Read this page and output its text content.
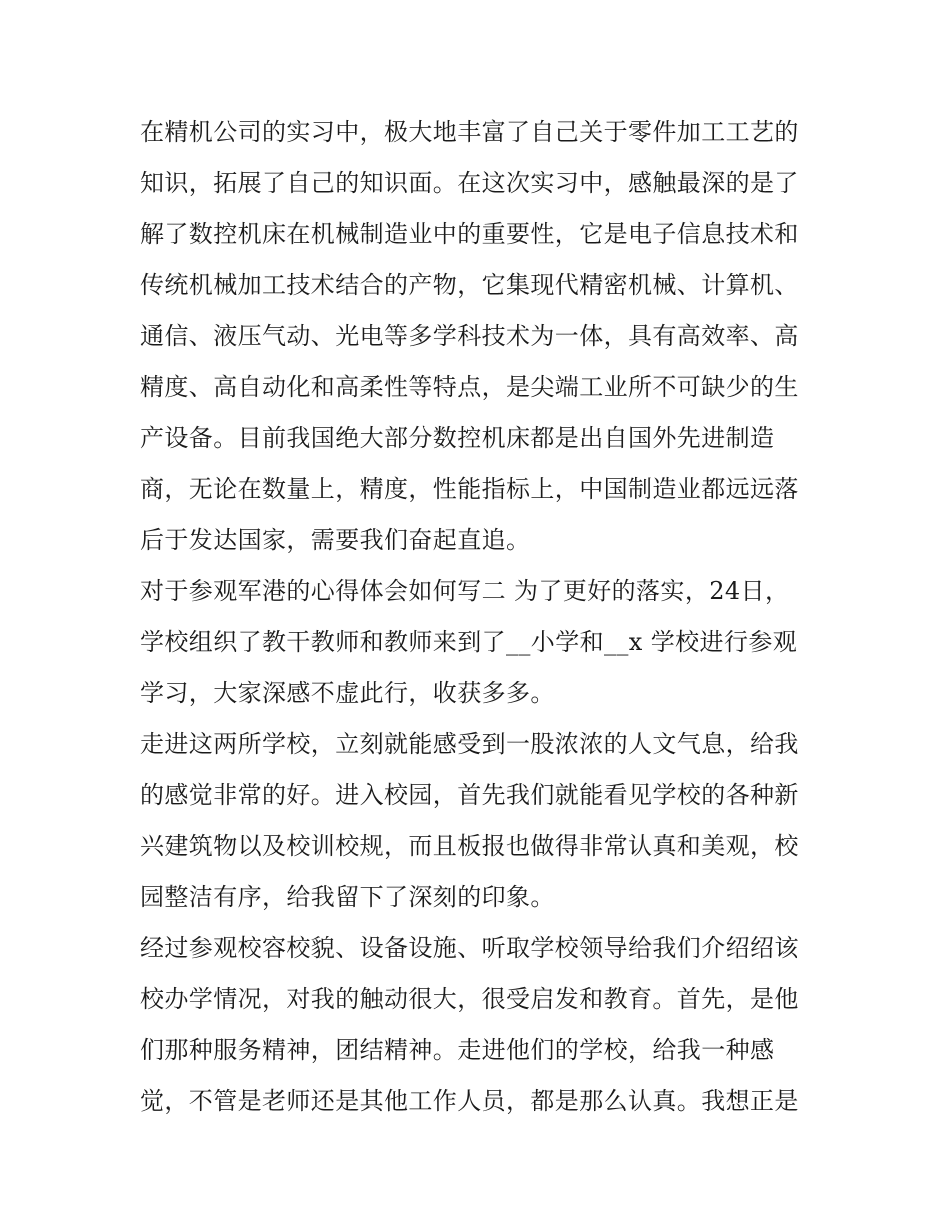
在精机公司的实习中，极大地丰富了自己关于零件加工工艺的
知识，拓展了自己的知识面。在这次实习中，感触最深的是了
解了数控机床在机械制造业中的重要性，它是电子信息技术和
传统机械加工技术结合的产物，它集现代精密机械、计算机、
通信、液压气动、光电等多学科技术为一体，具有高效率、高
精度、高自动化和高柔性等特点，是尖端工业所不可缺少的生
产设备。目前我国绝大部分数控机床都是出自国外先进制造
商，无论在数量上，精度，性能指标上，中国制造业都远远落
后于发达国家，需要我们奋起直追。
对于参观军港的心得体会如何写二 为了更好的落实，24日，
学校组织了教干教师和教师来到了__小学和__x 学校进行参观
学习，大家深感不虚此行，收获多多。
走进这两所学校，立刻就能感受到一股浓浓的人文气息，给我
的感觉非常的好。进入校园，首先我们就能看见学校的各种新
兴建筑物以及校训校规，而且板报也做得非常认真和美观，校
园整洁有序，给我留下了深刻的印象。
经过参观校容校貌、设备设施、听取学校领导给我们介绍绍该
校办学情况，对我的触动很大，很受启发和教育。首先，是他
们那种服务精神，团结精神。走进他们的学校，给我一种感
觉，不管是老师还是其他工作人员，都是那么认真。我想正是
